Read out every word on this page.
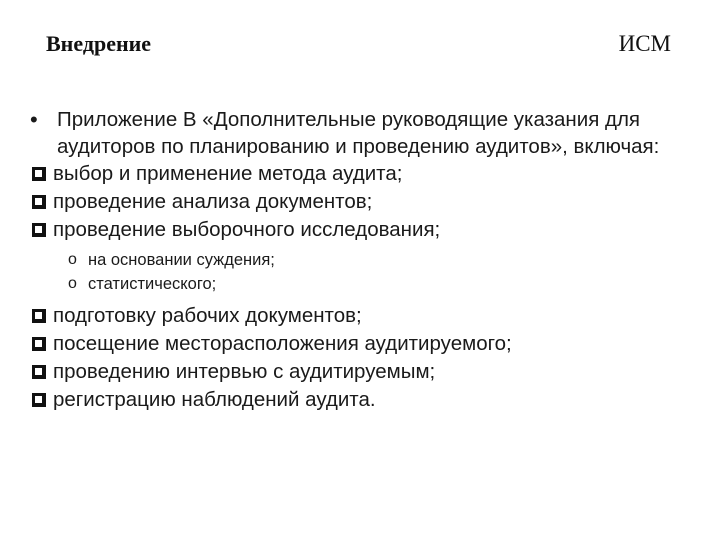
Внедрение	ИСМ
• Приложение В «Дополнительные руководящие указания для аудиторов по планированию и проведению аудитов», включая:
выбор и применение метода аудита;
проведение анализа документов;
проведение выборочного исследования;
o на основании суждения;
o статистического;
подготовку рабочих документов;
посещение месторасположения аудитируемого;
проведению интервью с аудитируемым;
регистрацию наблюдений аудита.
